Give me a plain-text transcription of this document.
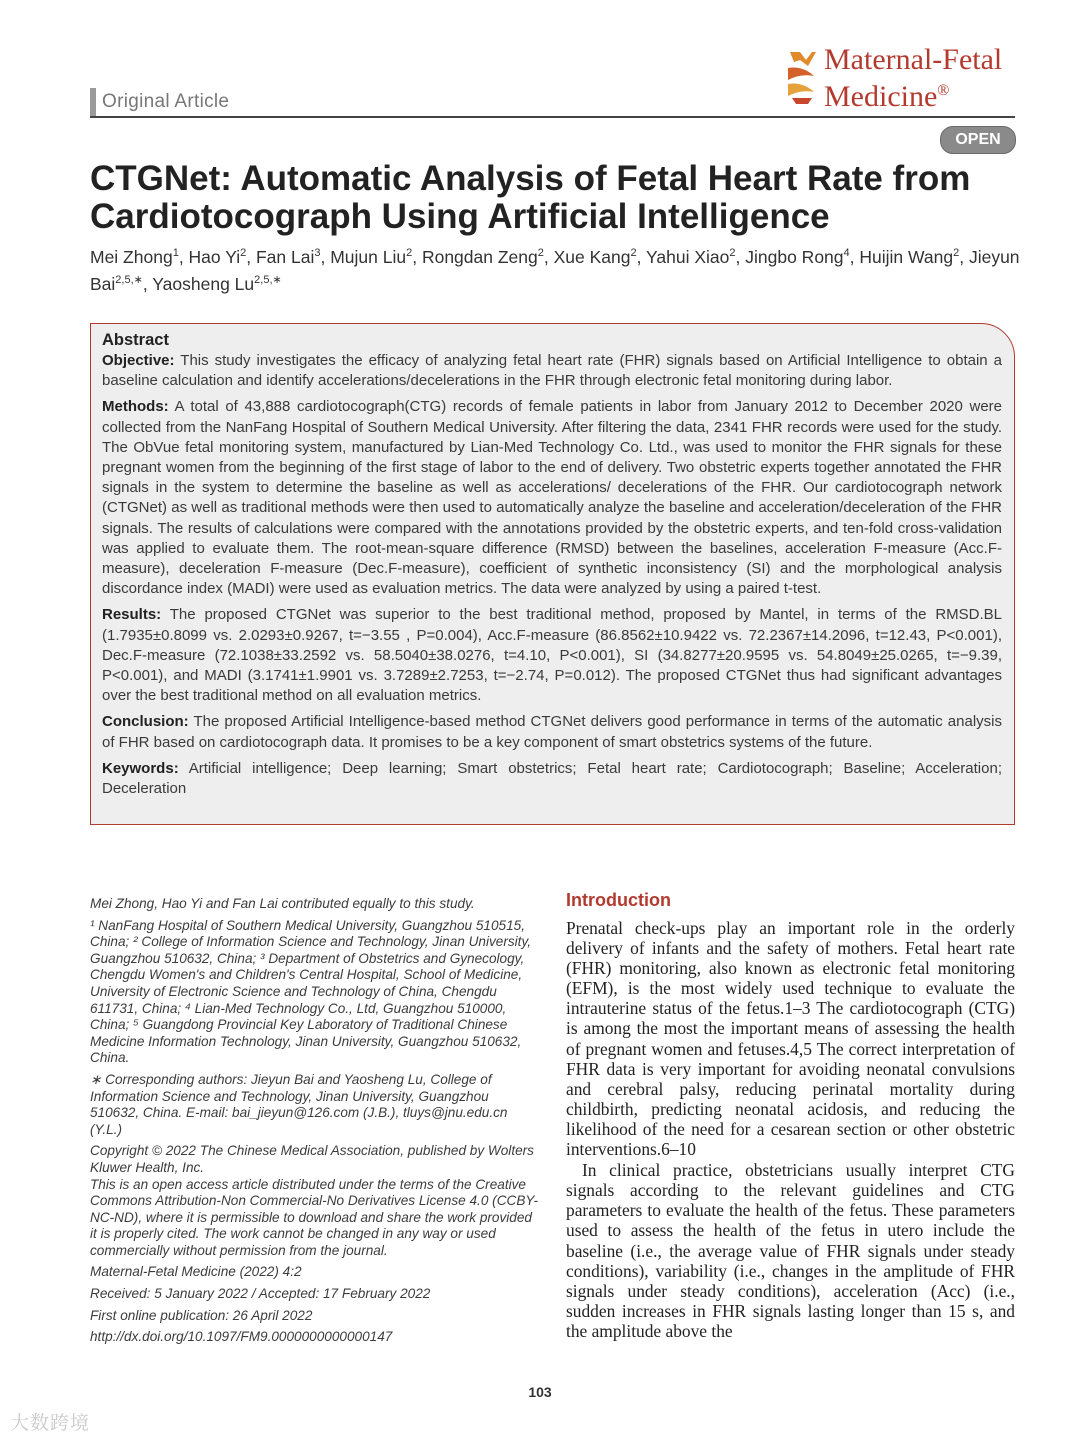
Original Article
Maternal-Fetal
Medicine®
OPEN
CTGNet: Automatic Analysis of Fetal Heart Rate from Cardiotocograph Using Artificial Intelligence
Mei Zhong$^1$, Hao Yi$^2$, Fan Lai$^3$, Mujun Liu$^2$, Rongdan Zeng$^2$, Xue Kang$^2$, Yahui Xiao$^2$, Jingbo Rong$^4$, Huijin Wang$^2$, Jieyun Bai$^{2,5,∗}$, Yaosheng $Lu^{2,5,∗}$
Abstract

Objective: This study investigates the efficacy of analyzing fetal heart rate (FHR) signals based on Artificial Intelligence to obtain a baseline calculation and identify accelerations/decelerations in the FHR through electronic fetal monitoring during labor.

Methods: A total of 43,888 cardiotocograph(CTG) records of female patients in labor from January 2012 to December 2020 were collected from the NanFang Hospital of Southern Medical University. After filtering the data, 2341 FHR records were used for the study. The ObVue fetal monitoring system, manufactured by Lian-Med Technology Co. Ltd., was used to monitor the FHR signals for these pregnant women from the beginning of the first stage of labor to the end of delivery. Two obstetric experts together annotated the FHR signals in the system to determine the baseline as well as accelerations/ decelerations of the FHR. Our cardiotocograph network (CTGNet) as well as traditional methods were then used to automatically analyze the baseline and acceleration/deceleration of the FHR signals. The results of calculations were compared with the annotations provided by the obstetric experts, and ten-fold cross-validation was applied to evaluate them. The root-mean-square difference (RMSD) between the baselines, acceleration F-measure (Acc.F-measure), deceleration F-measure (Dec.F-measure), coefficient of synthetic inconsistency (SI) and the morphological analysis discordance index (MADI) were used as evaluation metrics. The data were analyzed by using a paired t-test.

Results: The proposed CTGNet was superior to the best traditional method, proposed by Mantel, in terms of the RMSD.BL (1.7935±0.8099 vs. 2.0293±0.9267, t=−3.55 , P=0.004), Acc.F-measure (86.8562±10.9422 vs. 72.2367±14.2096, t=12.43, P<0.001), Dec.F-measure (72.1038±33.2592 vs. 58.5040±38.0276, t=4.10, P<0.001), SI (34.8277±20.9595 vs. 54.8049±25.0265, t=−9.39, P<0.001), and MADI (3.1741±1.9901 vs. 3.7289±2.7253, t=−2.74, P=0.012). The proposed CTGNet thus had significant advantages over the best traditional method on all evaluation metrics.

Conclusion: The proposed Artificial Intelligence-based method CTGNet delivers good performance in terms of the automatic analysis of FHR based on cardiotocograph data. It promises to be a key component of smart obstetrics systems of the future.

Keywords: Artificial intelligence; Deep learning; Smart obstetrics; Fetal heart rate; Cardiotocograph; Baseline; Acceleration; Deceleration

Mei Zhong, Hao Yi and Fan Lai contributed equally to this study.

¹ NanFang Hospital of Southern Medical University, Guangzhou 510515, China; ² College of Information Science and Technology, Jinan University, Guangzhou 510632, China; ³ Department of Obstetrics and Gynecology, Chengdu Women's and Children's Central Hospital, School of Medicine, University of Electronic Science and Technology of China, Chengdu 611731, China; ⁴ Lian-Med Technology Co., Ltd, Guangzhou 510000, China; ⁵ Guangdong Provincial Key Laboratory of Traditional Chinese Medicine Information Technology, Jinan University, Guangzhou 510632, China.

∗ Corresponding authors: Jieyun Bai and Yaosheng Lu, College of Information Science and Technology, Jinan University, Guangzhou 510632, China. E-mail: bai_jieyun@126.com (J.B.), tluys@jnu.edu.cn (Y.L.)

Copyright © 2022 The Chinese Medical Association, published by Wolters Kluwer Health, Inc.

This is an open access article distributed under the terms of the Creative Commons Attribution-Non Commercial-No Derivatives License 4.0 (CCBY-NC-ND), where it is permissible to download and share the work provided it is properly cited. The work cannot be changed in any way or used commercially without permission from the journal.

Maternal-Fetal Medicine (2022) 4:2

Received: 5 January 2022 / Accepted: 17 February 2022

First online publication: 26 April 2022

http://dx.doi.org/10.1097/FM9.0000000000000147

Introduction

Prenatal check-ups play an important role in the orderly delivery of infants and the safety of mothers. Fetal heart rate (FHR) monitoring, also known as electronic fetal monitoring (EFM), is the most widely used technique to evaluate the intrauterine status of the fetus.1–3 The cardiotocograph (CTG) is among the most the important means of assessing the health of pregnant women and fetuses.4,5 The correct interpretation of FHR data is very important for avoiding neonatal convulsions and cerebral palsy, reducing perinatal mortality during childbirth, predicting neonatal acidosis, and reducing the likelihood of the need for a cesarean section or other obstetric interventions.6–10

In clinical practice, obstetricians usually interpret CTG signals according to the relevant guidelines and CTG parameters to evaluate the health of the fetus. These parameters used to assess the health of the fetus in utero include the baseline (i.e., the average value of FHR signals under steady conditions), variability (i.e., changes in the amplitude of FHR signals under steady conditions), acceleration (Acc) (i.e., sudden increases in FHR signals lasting longer than 15 s, and the amplitude above the

103
大数跨境
